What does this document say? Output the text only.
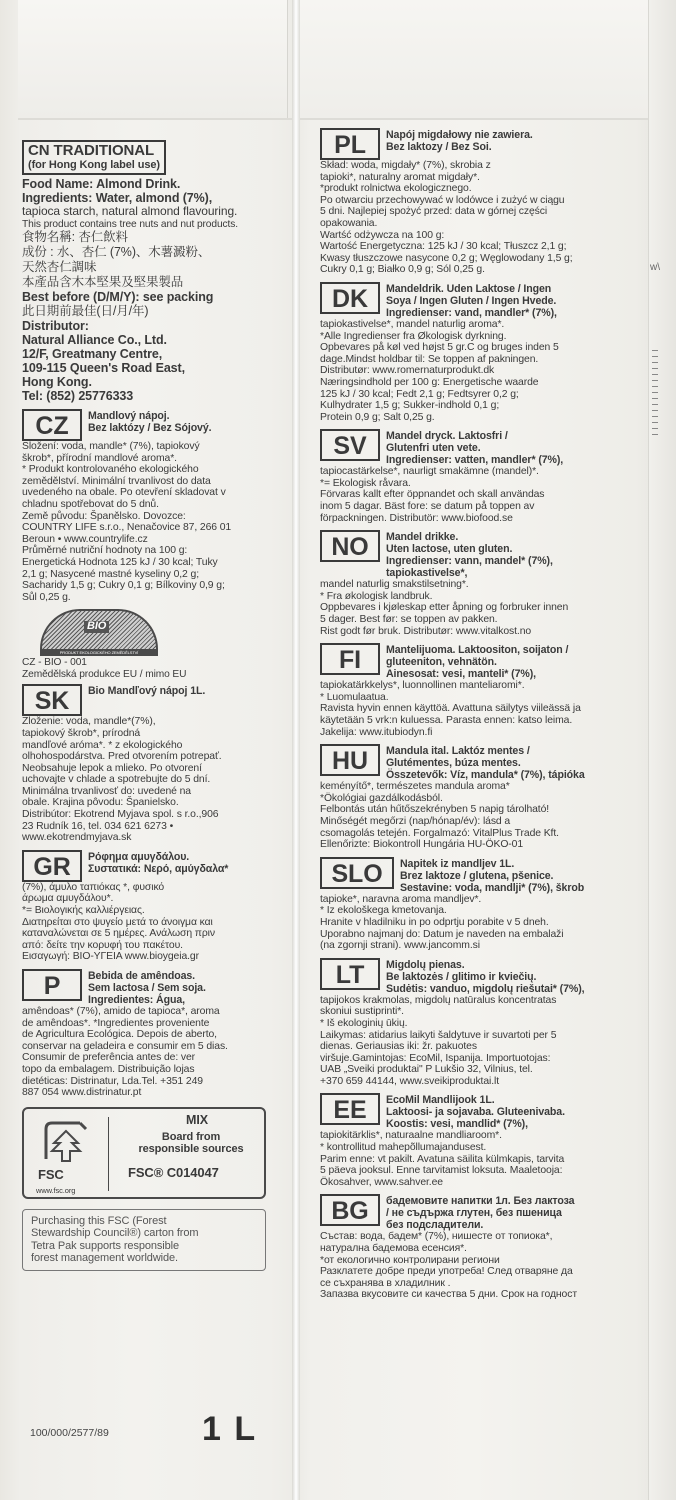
w\
CN TRADITIONAL
(for Hong Kong label use)
Food Name: Almond Drink.
Ingredients: Water, almond (7%),
tapioca starch, natural almond flavouring.
This product contains tree nuts and nut products.
食物名稱: 杏仁飲料
成份 : 水、杏仁 (7%)、木薯澱粉、
天然杏仁調味
本產品含木本堅果及堅果製品
Best before (D/M/Y): see packing
此日期前最佳(日/月/年)
Distributor:
Natural Alliance Co., Ltd.
12/F, Greatmany Centre,
109-115 Queen's Road East,
Hong Kong.
Tel: (852) 25776333
CZ	Mandlový nápoj.
Bez laktózy / Bez Sójový.
Složení: voda, mandle* (7%), tapiokový
škrob*, přírodní mandlové aroma*.
* Produkt kontrolovaného ekologického
zemědělství. Minimální trvanlivost do data
uvedeného na obale. Po otevření skladovat v
chladnu spotřebovat do 5 dnů.
Země původu: Španělsko. Dovozce:
COUNTRY LIFE s.r.o., Nenačovice 87, 266 01
Beroun • www.countrylife.cz
Průměrné nutriční hodnoty na 100 g:
Energetická Hodnota 125 kJ / 30 kcal; Tuky
2,1 g; Nasycené mastné kyseliny 0,2 g;
Sacharidy 1,5 g; Cukry 0,1 g; Bílkoviny 0,9 g;
Sůl 0,25 g.
BIO
PRODUKT EKOLOGICKÉHO ZEMĚDĚLSTVÍ
CZ - BIO - 001
Zemědělská produkce EU / mimo EU
SK	Bio Mandľový nápoj 1L.
Zloženie: voda, mandle*(7%),
tapiokový škrob*, prírodná
mandľové aróma*. * z ekologického
olhohospodárstva. Pred otvorením potrepať.
Neobsahuje lepok a mlieko. Po otvorení
uchovajte v chlade a spotrebujte do 5 dní.
Minimálna trvanlivosť do: uvedené na
obale. Krajina pôvodu: Španielsko.
Distribútor: Ekotrend Myjava spol. s r.o.,906
23 Rudník 16, tel. 034 621 6273 •
www.ekotrendmyjava.sk
GR	Ρόφημα αμυγδάλου.
Συστατικά: Νερό, αμύγδαλα*
(7%), άμυλο ταπιόκας *, φυσικό
άρωμα αμυγδάλου*.
*= Βιολογικής καλλιέργειας.
Διατηρείται στο ψυγείο μετά το άνοιγμα και
καταναλώνεται σε 5 ημέρες. Ανάλωση πριν
από: δείτε την κορυφή του πακέτου.
Εισαγωγή: ΒΙΟ-ΥΓΕΙΑ www.bioygeia.gr
P	Bebida de amêndoas.
Sem lactosa / Sem soja.
Ingredientes: Água,
amêndoas* (7%), amido de tapioca*, aroma
de amêndoas*. *Ingredientes proveniente
de Agricultura Ecológica. Depois de aberto,
conservar na geladeira e consumir em 5 dias.
Consumir de preferência antes de: ver
topo da embalagem. Distribuição lojas
dietéticas: Distrinatur, Lda.Tel. +351 249
887 054 www.distrinatur.pt
FSC
www.fsc.org
MIX
Board from
responsible sources
FSC® C014047
Purchasing this FSC (Forest
Stewardship Council®) carton from
Tetra Pak supports responsible
forest management worldwide.
100/000/2577/89	1 L
PL	Napój migdałowy nie zawiera.
Bez laktozy / Bez Soi.
Skład: woda, migdały* (7%), skrobia z
tapioki*, naturalny aromat migdały*.
*produkt rolnictwa ekologicznego.
Po otwarciu przechowywać w lodówce i zużyć w ciągu
5 dni. Najlepiej spożyć przed: data w górnej części
opakowania.
Wartść odżywcza na 100 g:
Wartość Energetyczna: 125 kJ / 30 kcal; Tłuszcz 2,1 g;
Kwasy tłuszczowe nasycone 0,2 g; Węglowodany 1,5 g;
Cukry 0,1 g; Białko 0,9 g; Sól 0,25 g.
DK	Mandeldrik. Uden Laktose / Ingen
Soya / Ingen Gluten / Ingen Hvede.
Ingredienser: vand, mandler* (7%),
tapiokastivelse*, mandel naturlig aroma*.
*Alle Ingredienser fra Økologisk dyrkning.
Opbevares på køl ved højst 5 gr.C og bruges inden 5
dage.Mindst holdbar til: Se toppen af pakningen.
Distributør: www.romernaturprodukt.dk
Næringsindhold per 100 g: Energetische waarde
125 kJ / 30 kcal; Fedt 2,1 g; Fedtsyrer 0,2 g;
Kulhydrater 1,5 g; Sukker-indhold 0,1 g;
Protein 0,9 g; Salt 0,25 g.
SV	Mandel dryck. Laktosfri /
Glutenfri uten vete.
Ingredienser: vatten, mandler* (7%),
tapiocastärkelse*, naurligt smakämne (mandel)*.
*= Ekologisk råvara.
Förvaras kallt efter öppnandet och skall användas
inom 5 dagar. Bäst fore: se datum på toppen av
förpackningen. Distributör: www.biofood.se
NO	Mandel drikke.
Uten lactose, uten gluten.
Ingredienser: vann, mandel* (7%), tapiokastivelse*,
mandel naturlig smakstilsetning*.
* Fra økologisk landbruk.
Oppbevares i kjøleskap etter åpning og forbruker innen
5 dager. Best før: se toppen av pakken.
Rist godt før bruk. Distributør: www.vitalkost.no
FI	Mantelijuoma. Laktoositon, soijaton /
gluteeniton, vehnätön.
Ainesosat: vesi, manteli* (7%),
tapiokatärkkelys*, luonnollinen manteliaromi*.
* Luomulaatua.
Ravista hyvin ennen käyttöä. Avattuna säilytys viileässä ja
käytetään 5 vrk:n kuluessa. Parasta ennen: katso leima.
Jakelija: www.itubiodyn.fi
HU	Mandula ital. Laktóz mentes /
Glutémentes, búza mentes.
Összetevők: Víz, mandula* (7%), tápióka
keményítő*, természetes mandula aroma*
*Ökológiai gazdálkodásból.
Felbontás után hűtőszekrényben 5 napig tárolható!
Minőségét megőrzi (nap/hónap/év): lásd a
csomagolás tetején. Forgalmazó: VitalPlus Trade Kft.
Ellenőrizte: Biokontroll Hungária HU-ÖKO-01
SLO	Napitek iz mandljev 1L.
Brez laktoze / glutena, pšenice.
Sestavine: voda, mandlji* (7%), škrob
tapioke*, naravna aroma mandljev*.
* Iz ekološkega kmetovanja.
Hranite v hladilniku in po odprtju porabite v 5 dneh.
Uporabno najmanj do: Datum je naveden na embalaži
(na zgornji strani). www.jancomm.si
LT	Migdolų pienas.
Be laktozės / glitimo ir kviečių.
Sudėtis: vanduo, migdolų riešutai* (7%),
tapijokos krakmolas, migdolų natūralus koncentratas
skoniui sustiprinti*.
* Iš ekologinių ūkių.
Laikymas: atidarius laikyti šaldytuve ir suvartoti per 5
dienas. Geriausias iki: žr. pakuotes
viršuje.Gamintojas: EcoMil, Ispanija. Importuotojas:
UAB „Sveiki produktai" P Lukšio 32, Vilnius, tel.
+370 659 44144, www.sveikiproduktai.lt
EE	EcoMil Mandlijook 1L.
Laktoosi- ja sojavaba. Gluteenivaba.
Koostis: vesi, mandlid* (7%),
tapiokitärklis*, naturaalne mandliaroom*.
* kontrollitud mahepõllumajandusest.
Parim enne: vt pakilt. Avatuna säilita külmkapis, tarvita
5 päeva jooksul. Enne tarvitamist loksuta. Maaletooja:
Ökosahver, www.sahver.ee
BG	бадемовите напитки 1л. Без лактоза
/ не съдържа глутен, без пшеница
без подсладители.
Състав: вода, бадем* (7%), нишесте от топиока*,
натурална бадемова есенсия*.
*от екологично контролирани региони
Разклатете добре преди употреба! След отваряне да
се съхранява в хладилник .
Запазва вкусовите си качества 5 дни. Срок на годност
